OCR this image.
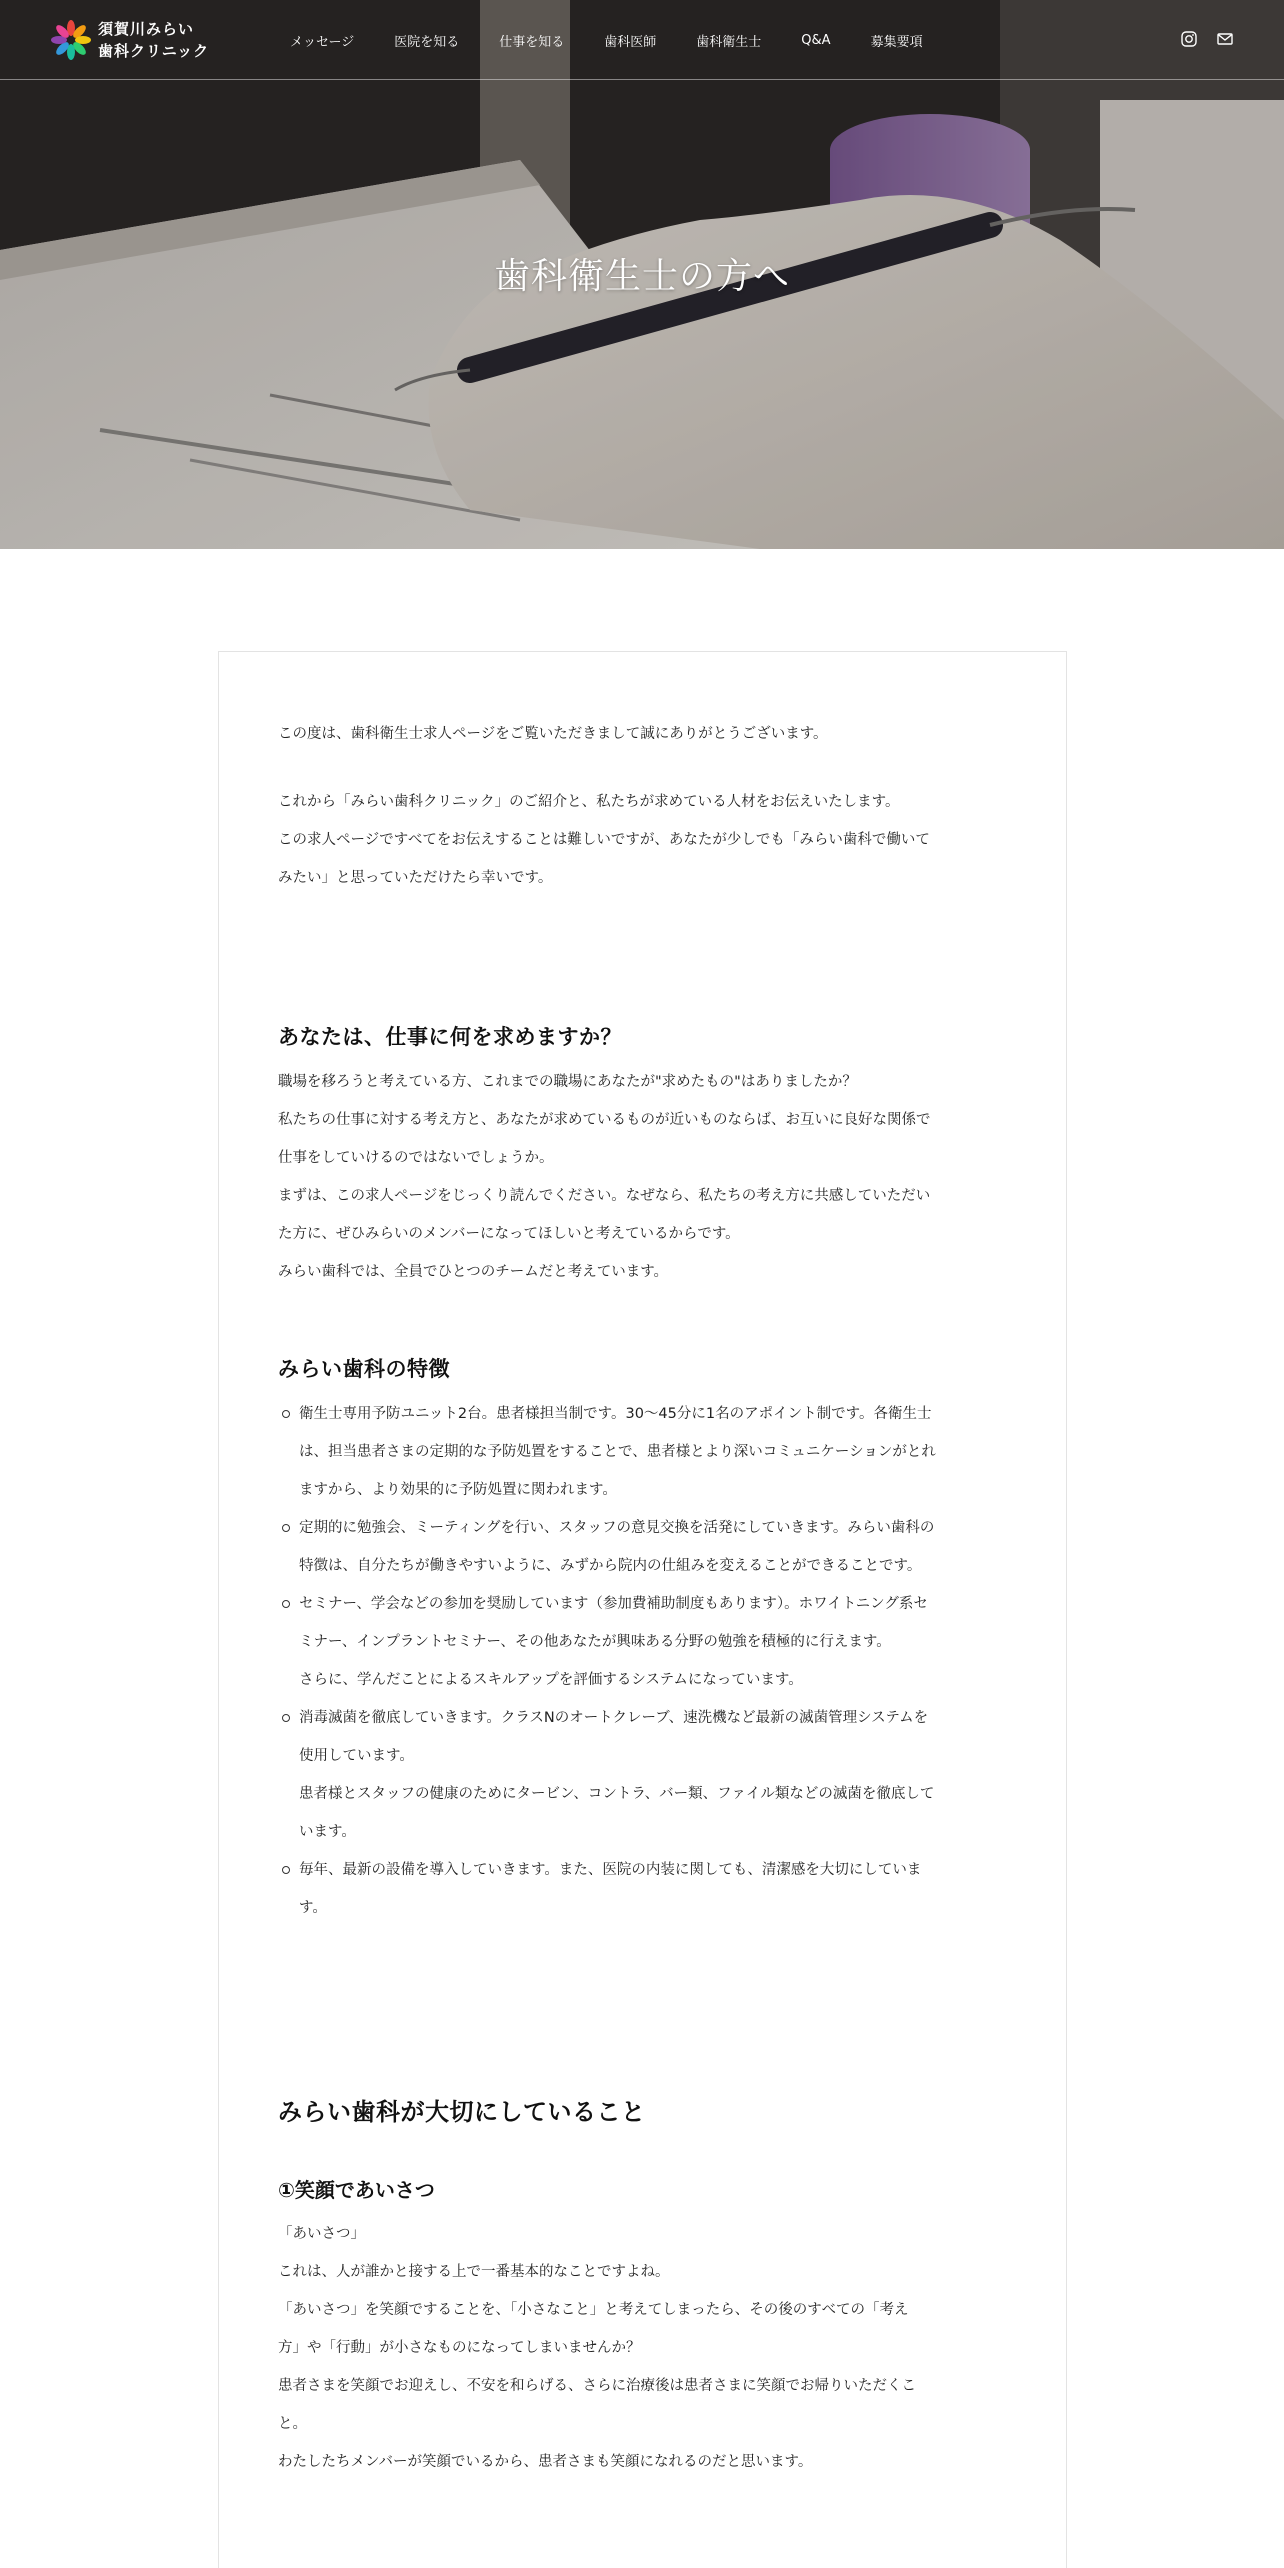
歯科衛生士の方へ
須賀川みらい
歯科クリニック	メッセージ	医院を知る	仕事を知る	歯科医師	歯科衛生士	Q&A	募集要項

この度は、歯科衛生士求人ページをご覧いただきまして誠にありがとうございます。

これから「みらい歯科クリニック」のご紹介と、私たちが求めている人材をお伝えいたします。

この求人ページですべてをお伝えすることは難しいですが、あなたが少しでも「みらい歯科で働いて

みたい」と思っていただけたら幸いです。

あなたは、仕事に何を求めますか？

職場を移ろうと考えている方、これまでの職場にあなたが"求めたもの"はありましたか？

私たちの仕事に対する考え方と、あなたが求めているものが近いものならば、お互いに良好な関係で

仕事をしていけるのではないでしょうか。

まずは、この求人ページをじっくり読んでください。なぜなら、私たちの考え方に共感していただい

た方に、ぜひみらいのメンバーになってほしいと考えているからです。

みらい歯科では、全員でひとつのチームだと考えています。

みらい歯科の特徴
衛生士専用予防ユニット2台。患者様担当制です。30〜45分に1名のアポイント制です。各衛生士
は、担当患者さまの定期的な予防処置をすることで、患者様とより深いコミュニケーションがとれ
ますから、より効果的に予防処置に関われます。
定期的に勉強会、ミーティングを行い、スタッフの意見交換を活発にしていきます。みらい歯科の
特徴は、自分たちが働きやすいように、みずから院内の仕組みを変えることができることです。
セミナー、学会などの参加を奨励しています（参加費補助制度もあります）。ホワイトニング系セ
ミナー、インプラントセミナー、その他あなたが興味ある分野の勉強を積極的に行えます。
さらに、学んだことによるスキルアップを評価するシステムになっています。
消毒滅菌を徹底していきます。クラスNのオートクレーブ、速洗機など最新の滅菌管理システムを
使用しています。
患者様とスタッフの健康のためにタービン、コントラ、バー類、ファイル類などの滅菌を徹底して
います。
毎年、最新の設備を導入していきます。また、医院の内装に関しても、清潔感を大切にしていま
す。
みらい歯科が大切にしていること
①笑顔であいさつ

「あいさつ」

これは、人が誰かと接する上で一番基本的なことですよね。

「あいさつ」を笑顔ですることを、「小さなこと」と考えてしまったら、その後のすべての「考え

方」や「行動」が小さなものになってしまいませんか？

患者さまを笑顔でお迎えし、不安を和らげる、さらに治療後は患者さまに笑顔でお帰りいただくこ

と。

わたしたちメンバーが笑顔でいるから、患者さまも笑顔になれるのだと思います。
